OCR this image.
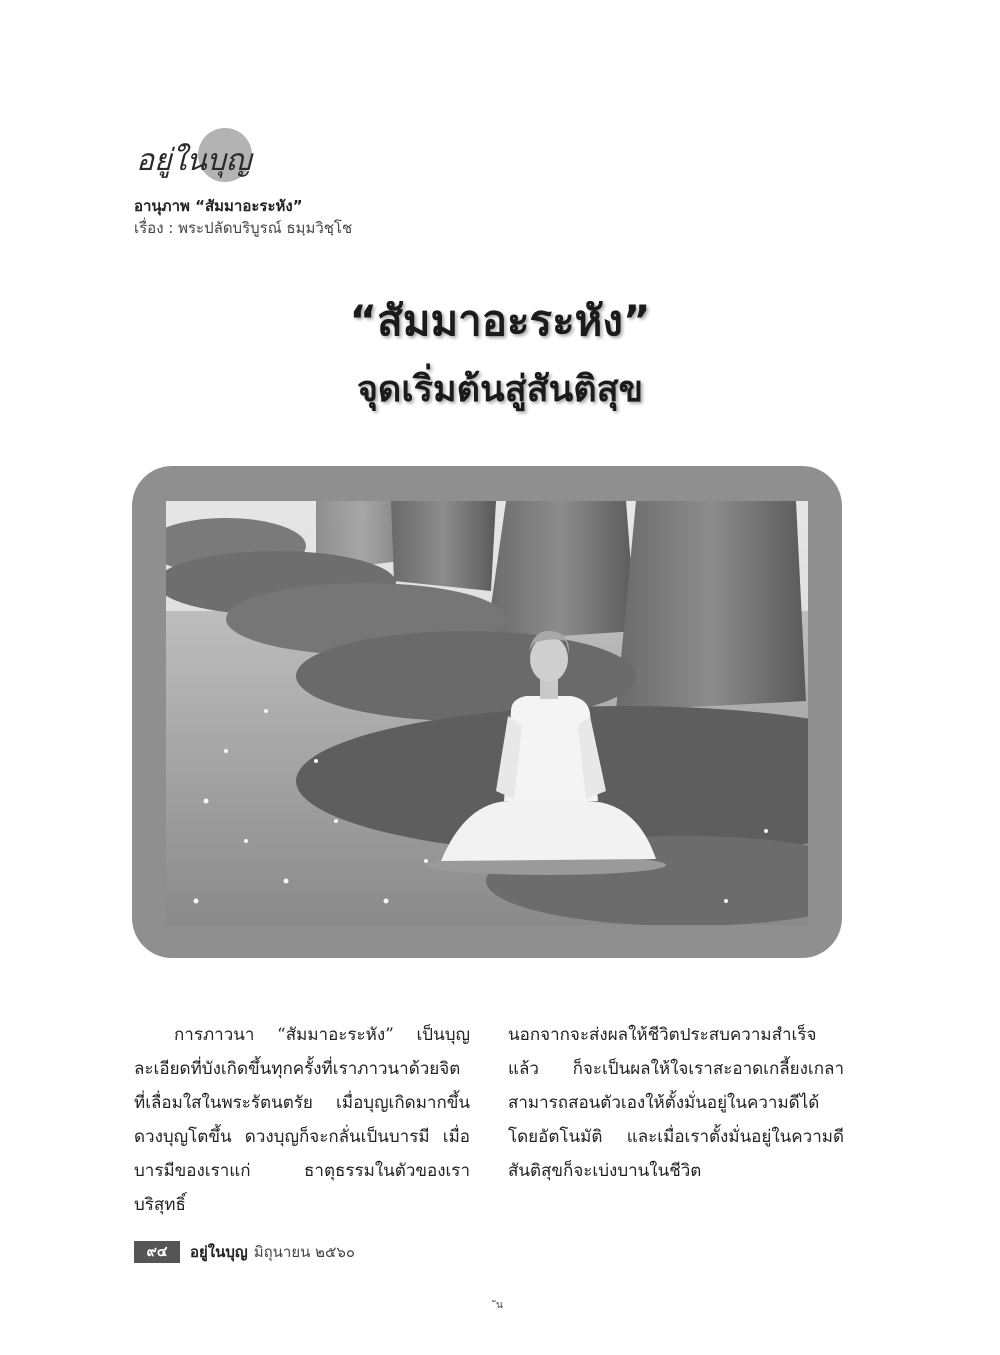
อยู่ในบุญ
อานุภาพ “สัมมาอะระหัง”
เรื่อง : พระปลัดบริบูรณ์ ธมฺมวิชฺโช
“สัมมาอะระหัง”
จุดเริ่มต้นสู่สันติสุข
การภาวนา “สัมมาอะระหัง” เป็นบุญละเอียดที่บังเกิดขึ้นทุกครั้งที่เราภาวนาด้วยจิตที่เลื่อมใสในพระรัตนตรัย เมื่อบุญเกิดมากขึ้นดวงบุญโตขึ้น ดวงบุญก็จะกลั่นเป็นบารมี เมื่อบารมีของเราแก่ ธาตุธรรมในตัวของเราบริสุทธิ์
นอกจากจะส่งผลให้ชีวิตประสบความสำเร็จแล้ว ก็จะเป็นผลให้ใจเราสะอาดเกลี้ยงเกลาสามารถสอนตัวเองให้ตั้งมั่นอยู่ในความดีได้โดยอัตโนมัติ และเมื่อเราตั้งมั่นอยู่ในความดีสันติสุขก็จะเบ่งบานในชีวิต
๙๔	อยู่ในบุญ มิถุนายน ๒๕๖๐
ัน
